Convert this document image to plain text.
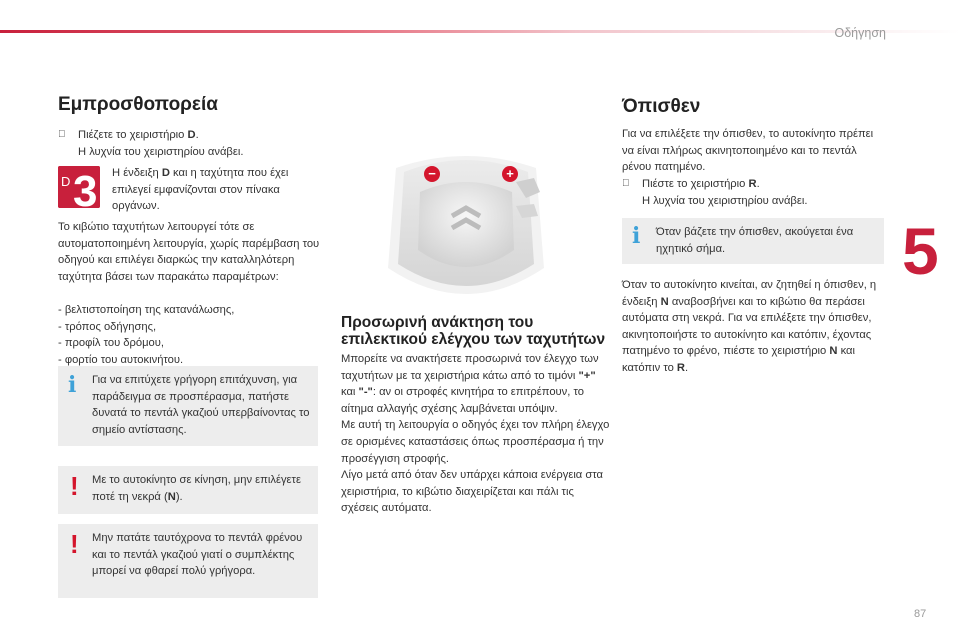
Οδήγηση
5
Εμπροσθοπορεία
Πιέζετε το χειριστήριο D.
Η λυχνία του χειριστηρίου ανάβει.
D 3 Η ένδειξη D και η ταχύτητα που έχει επιλεγεί εμφανίζονται στον πίνακα οργάνων.
Το κιβώτιο ταχυτήτων λειτουργεί τότε σε αυτοματοποιημένη λειτουργία, χωρίς παρέμβαση του οδηγού και επιλέγει διαρκώς την καταλληλότερη ταχύτητα βάσει των παρακάτω παραμέτρων:
- βελτιστοποίηση της κατανάλωσης,
- τρόπος οδήγησης,
- προφίλ του δρόμου,
- φορτίο του αυτοκινήτου.
i Για να επιτύχετε γρήγορη επιτάχυνση, για παράδειγμα σε προσπέρασμα, πατήστε δυνατά το πεντάλ γκαζιού υπερβαίνοντας το σημείο αντίστασης.
! Με το αυτοκίνητο σε κίνηση, μην επιλέγετε ποτέ τη νεκρά (N).
! Μην πατάτε ταυτόχρονα το πεντάλ φρένου και το πεντάλ γκαζιού γιατί ο συμπλέκτης μπορεί να φθαρεί πολύ γρήγορα.
−	+
Προσωρινή ανάκτηση του
επιλεκτικού ελέγχου των ταχυτήτων
Μπορείτε να ανακτήσετε προσωρινά τον έλεγχο των ταχυτήτων με τα χειριστήρια κάτω από το τιμόνι "+" και "-": αν οι στροφές κινητήρα το επιτρέπουν, το αίτημα αλλαγής σχέσης λαμβάνεται υπόψιν.
Με αυτή τη λειτουργία ο οδηγός έχει τον πλήρη έλεγχο σε ορισμένες καταστάσεις όπως προσπέρασμα ή την προσέγγιση στροφής.
Λίγο μετά από όταν δεν υπάρχει κάποια ενέργεια στα χειριστήρια, το κιβώτιο διαχειρίζεται και πάλι τις σχέσεις αυτόματα.
Όπισθεν
Για να επιλέξετε την όπισθεν, το αυτοκίνητο πρέπει να είναι πλήρως ακινητοποιημένο και το πεντάλ ρένου πατημένο.
Πιέστε το χειριστήριο R.
Η λυχνία του χειριστηρίου ανάβει.
i Όταν βάζετε την όπισθεν, ακούγεται ένα ηχητικό σήμα.
Όταν το αυτοκίνητο κινείται, αν ζητηθεί η όπισθεν, η ένδειξη N αναβοσβήνει και το κιβώτιο θα περάσει αυτόματα στη νεκρά. Για να επιλέξετε την όπισθεν, ακινητοποιήστε το αυτοκίνητο και κατόπιν, έχοντας πατημένο το φρένο, πιέστε το χειριστήριο N και κατόπιν το R.
87
